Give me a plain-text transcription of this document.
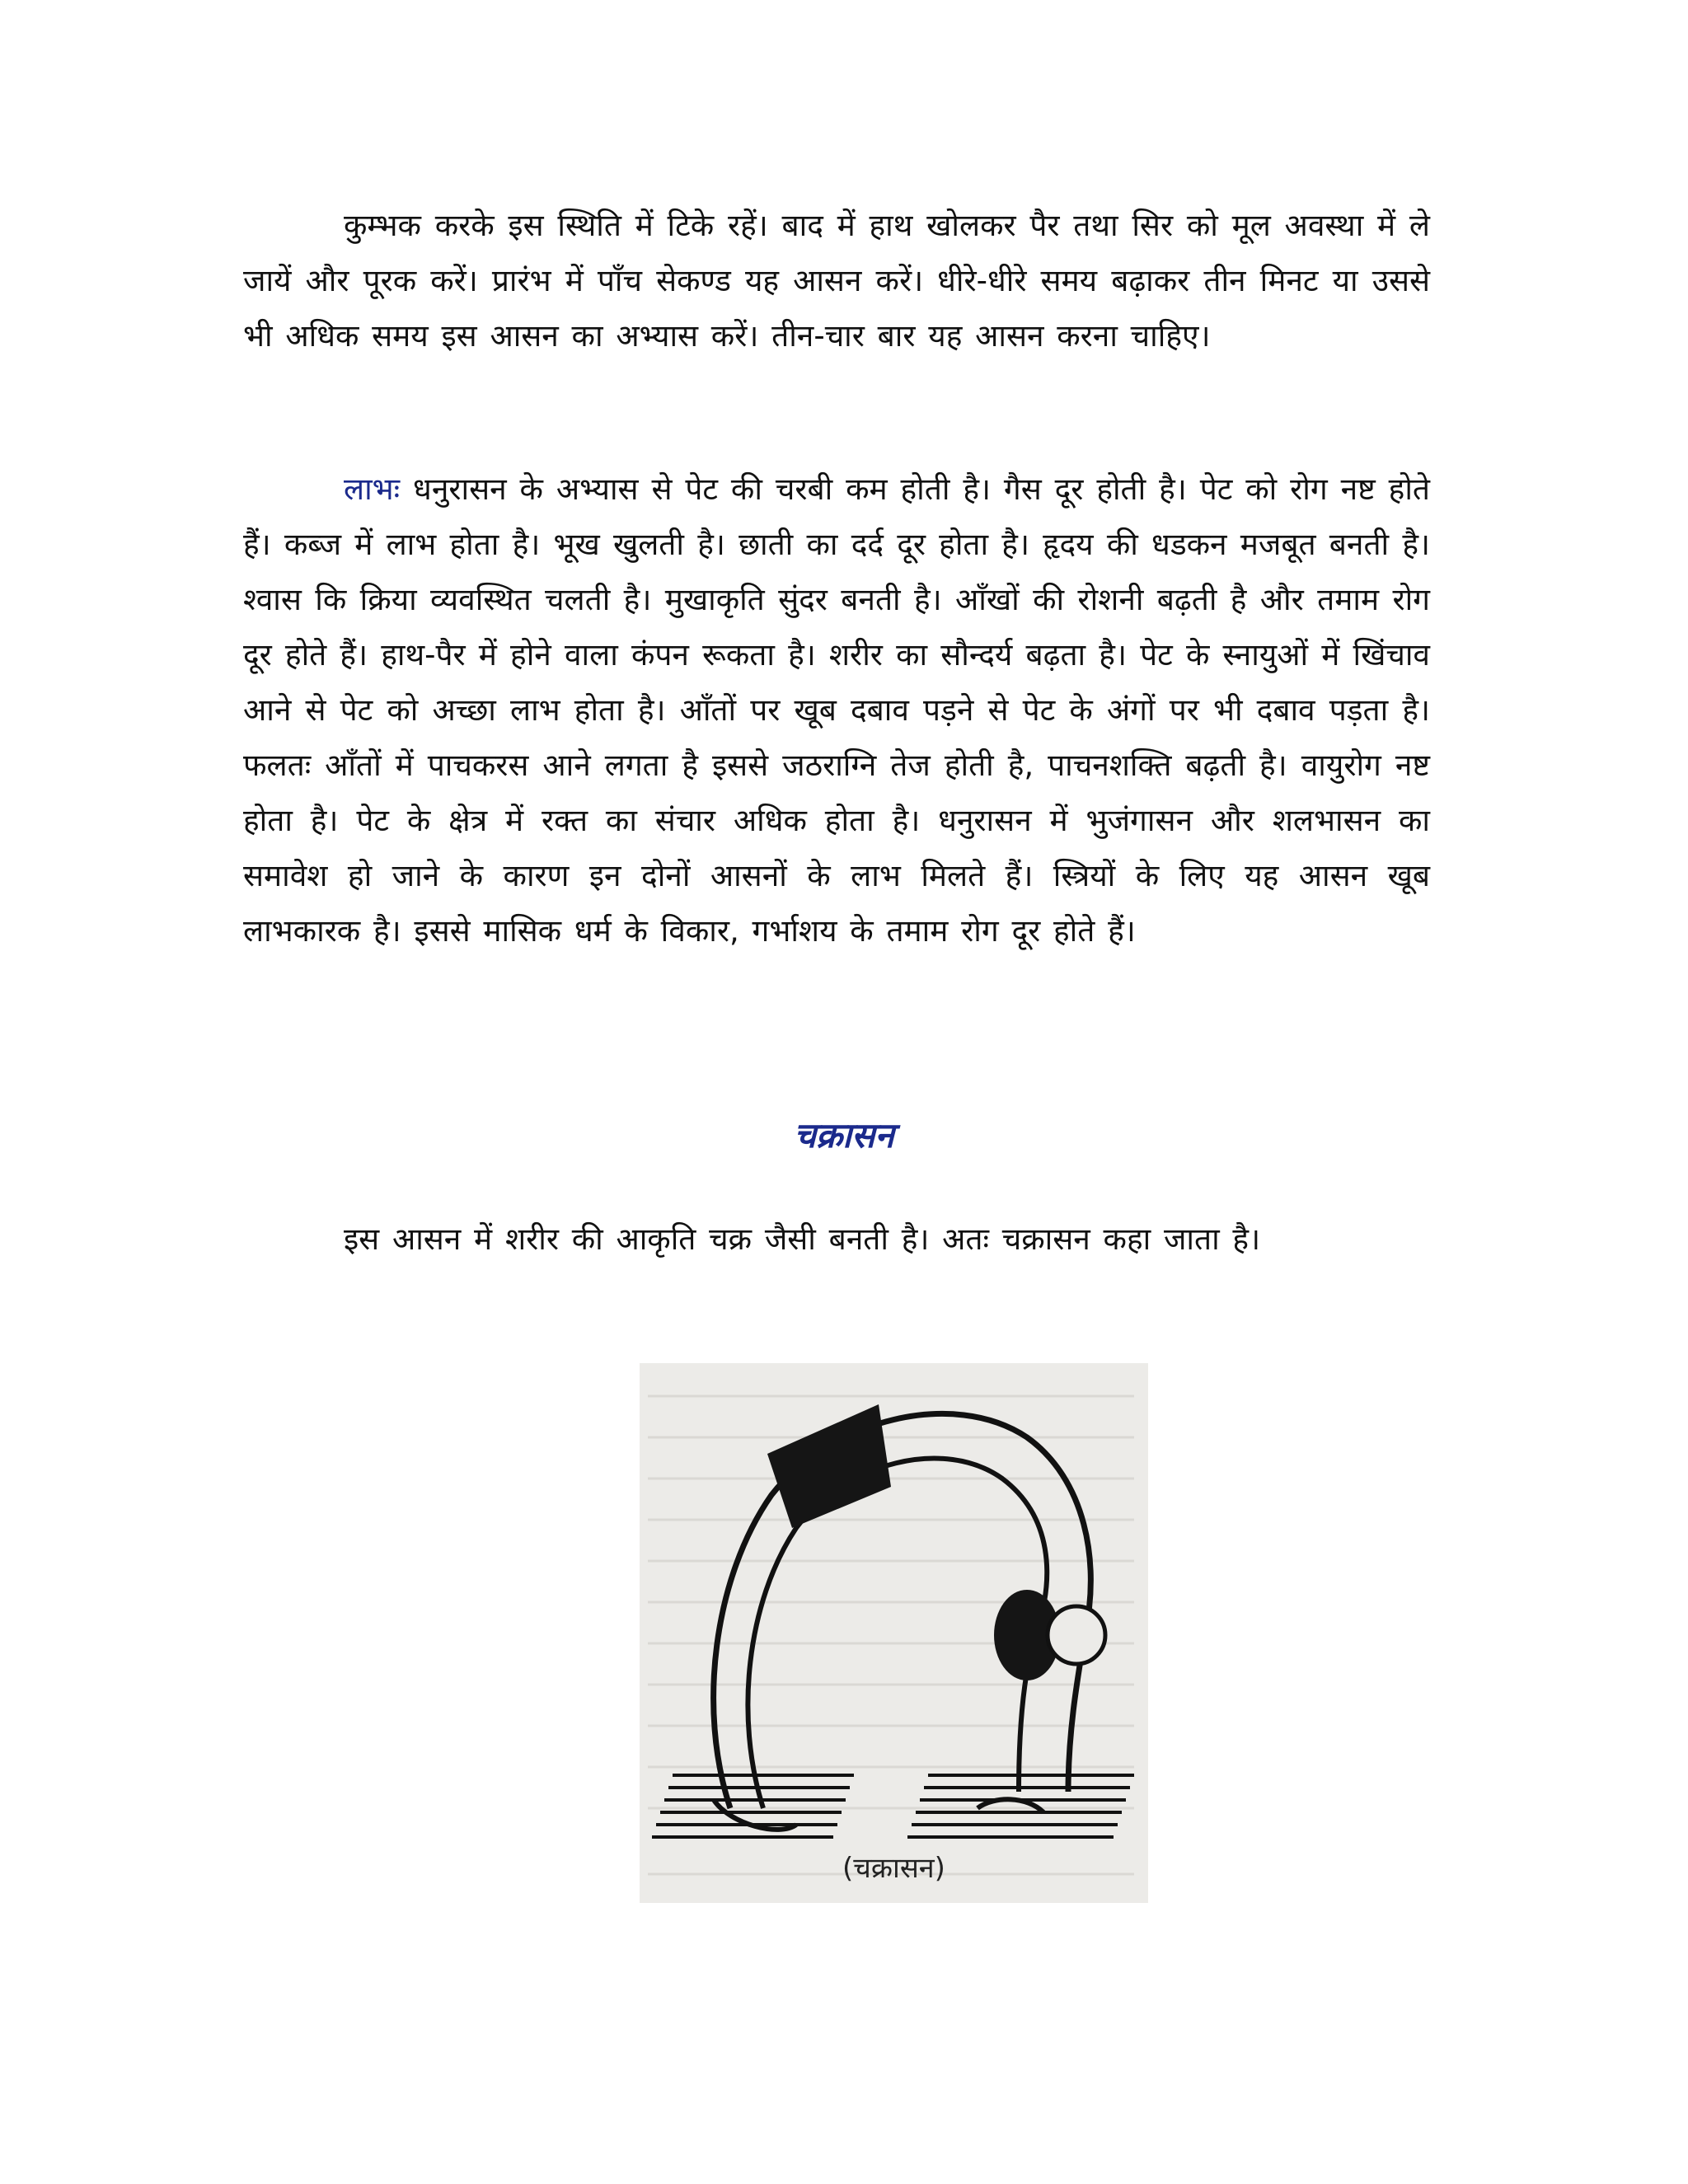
कुम्भक करके इस स्थिति में टिके रहें। बाद में हाथ खोलकर पैर तथा सिर को मूल अवस्था में ले जायें और पूरक करें। प्रारंभ में पाँच सेकण्ड यह आसन करें। धीरे-धीरे समय बढ़ाकर तीन मिनट या उससे भी अधिक समय इस आसन का अभ्यास करें। तीन-चार बार यह आसन करना चाहिए।

लाभः धनुरासन के अभ्यास से पेट की चरबी कम होती है। गैस दूर होती है। पेट को रोग नष्ट होते हैं। कब्ज में लाभ होता है। भूख खुलती है। छाती का दर्द दूर होता है। हृदय की धडकन मजबूत बनती है। श्वास कि क्रिया व्यवस्थित चलती है। मुखाकृति सुंदर बनती है। आँखों की रोशनी बढ़ती है और तमाम रोग दूर होते हैं। हाथ-पैर में होने वाला कंपन रूकता है। शरीर का सौन्दर्य बढ़ता है। पेट के स्नायुओं में खिंचाव आने से पेट को अच्छा लाभ होता है। आँतों पर खूब दबाव पड़ने से पेट के अंगों पर भी दबाव पड़ता है। फलतः आँतों में पाचकरस आने लगता है इससे जठराग्नि तेज होती है, पाचनशक्ति बढ़ती है। वायुरोग नष्ट होता है। पेट के क्षेत्र में रक्त का संचार अधिक होता है। धनुरासन में भुजंगासन और शलभासन का समावेश हो जाने के कारण इन दोनों आसनों के लाभ मिलते हैं। स्त्रियों के लिए यह आसन खूब लाभकारक है। इससे मासिक धर्म के विकार, गर्भाशय के तमाम रोग दूर होते हैं।

चक्रासन

इस आसन में शरीर की आकृति चक्र जैसी बनती है। अतः चक्रासन कहा जाता है।

(चक्रासन)
